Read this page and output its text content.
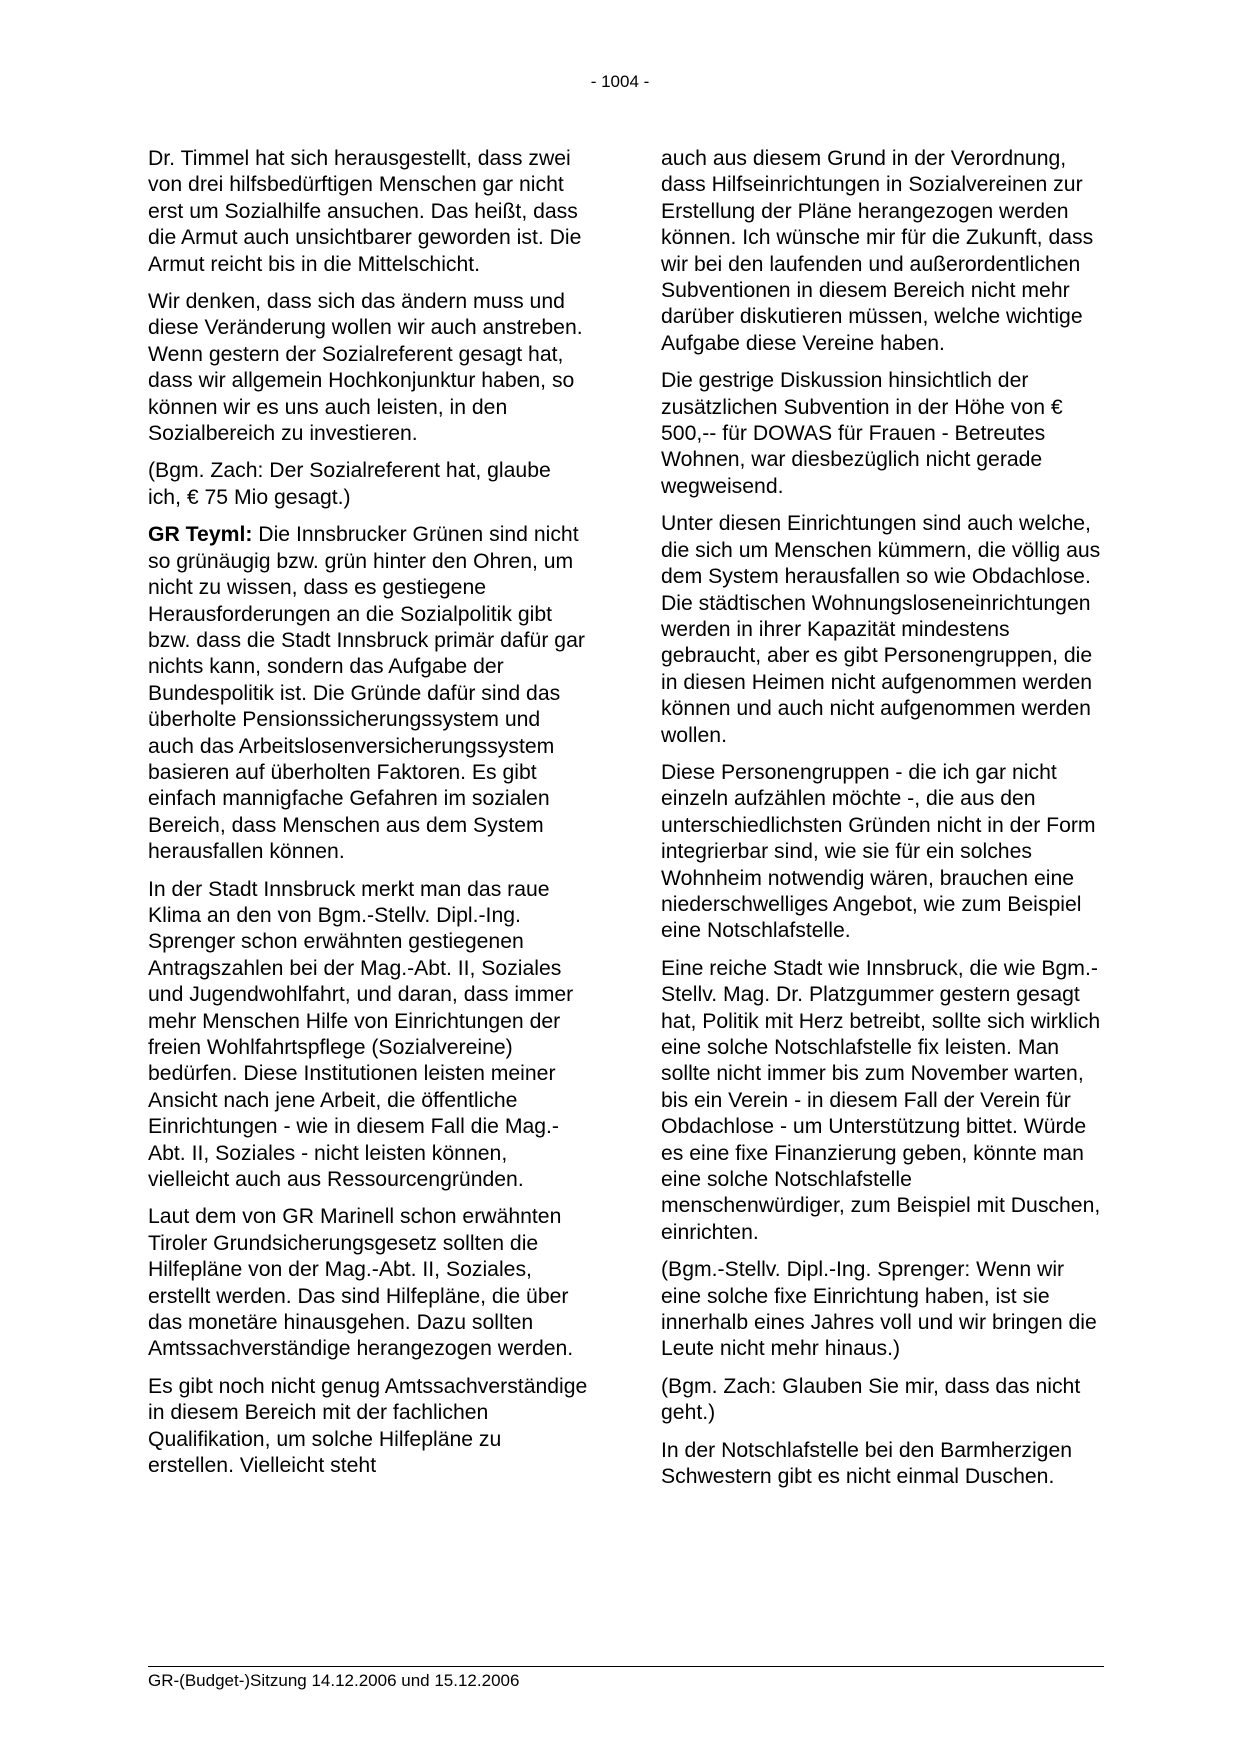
- 1004 -

Dr. Timmel hat sich herausgestellt, dass zwei von drei hilfsbedürftigen Menschen gar nicht erst um Sozialhilfe ansuchen. Das heißt, dass die Armut auch unsichtbarer geworden ist. Die Armut reicht bis in die Mittelschicht.

Wir denken, dass sich das ändern muss und diese Veränderung wollen wir auch anstreben. Wenn gestern der Sozialreferent gesagt hat, dass wir allgemein Hochkonjunktur haben, so können wir es uns auch leisten, in den Sozialbereich zu investieren.

(Bgm. Zach: Der Sozialreferent hat, glaube ich, € 75 Mio gesagt.)

GR Teyml: Die Innsbrucker Grünen sind nicht so grünäugig bzw. grün hinter den Ohren, um nicht zu wissen, dass es gestiegene Herausforderungen an die Sozialpolitik gibt bzw. dass die Stadt Innsbruck primär dafür gar nichts kann, sondern das Aufgabe der Bundespolitik ist. Die Gründe dafür sind das überholte Pensionssicherungssystem und auch das Arbeitslosenversicherungssystem basieren auf überholten Faktoren. Es gibt einfach mannigfache Gefahren im sozialen Bereich, dass Menschen aus dem System herausfallen können.

In der Stadt Innsbruck merkt man das raue Klima an den von Bgm.-Stellv. Dipl.-Ing. Sprenger schon erwähnten gestiegenen Antragszahlen bei der Mag.-Abt. II, Soziales und Jugendwohlfahrt, und daran, dass immer mehr Menschen Hilfe von Einrichtungen der freien Wohlfahrtspflege (Sozialvereine) bedürfen. Diese Institutionen leisten meiner Ansicht nach jene Arbeit, die öffentliche Einrichtungen - wie in diesem Fall die Mag.-Abt. II, Soziales - nicht leisten können, vielleicht auch aus Ressourcengründen.

Laut dem von GR Marinell schon erwähnten Tiroler Grundsicherungsgesetz sollten die Hilfepläne von der Mag.-Abt. II, Soziales, erstellt werden. Das sind Hilfepläne, die über das monetäre hinausgehen. Dazu sollten Amtssachverständige herangezogen werden.

Es gibt noch nicht genug Amtssachverständige in diesem Bereich mit der fachlichen Qualifikation, um solche Hilfepläne zu erstellen. Vielleicht steht

auch aus diesem Grund in der Verordnung, dass Hilfseinrichtungen in Sozialvereinen zur Erstellung der Pläne herangezogen werden können. Ich wünsche mir für die Zukunft, dass wir bei den laufenden und außerordentlichen Subventionen in diesem Bereich nicht mehr darüber diskutieren müssen, welche wichtige Aufgabe diese Vereine haben.

Die gestrige Diskussion hinsichtlich der zusätzlichen Subvention in der Höhe von € 500,-- für DOWAS für Frauen - Betreutes Wohnen, war diesbezüglich nicht gerade wegweisend.

Unter diesen Einrichtungen sind auch welche, die sich um Menschen kümmern, die völlig aus dem System herausfallen so wie Obdachlose. Die städtischen Wohnungsloseneinrichtungen werden in ihrer Kapazität mindestens gebraucht, aber es gibt Personengruppen, die in diesen Heimen nicht aufgenommen werden können und auch nicht aufgenommen werden wollen.

Diese Personengruppen - die ich gar nicht einzeln aufzählen möchte -, die aus den unterschiedlichsten Gründen nicht in der Form integrierbar sind, wie sie für ein solches Wohnheim notwendig wären, brauchen eine niederschwelliges Angebot, wie zum Beispiel eine Notschlafstelle.

Eine reiche Stadt wie Innsbruck, die wie Bgm.-Stellv. Mag. Dr. Platzgummer gestern gesagt hat, Politik mit Herz betreibt, sollte sich wirklich eine solche Notschlafstelle fix leisten. Man sollte nicht immer bis zum November warten, bis ein Verein - in diesem Fall der Verein für Obdachlose - um Unterstützung bittet. Würde es eine fixe Finanzierung geben, könnte man eine solche Notschlafstelle menschenwürdiger, zum Beispiel mit Duschen, einrichten.

(Bgm.-Stellv. Dipl.-Ing. Sprenger: Wenn wir eine solche fixe Einrichtung haben, ist sie innerhalb eines Jahres voll und wir bringen die Leute nicht mehr hinaus.)

(Bgm. Zach: Glauben Sie mir, dass das nicht geht.)

In der Notschlafstelle bei den Barmherzigen Schwestern gibt es nicht einmal Duschen.

GR-(Budget-)Sitzung 14.12.2006 und 15.12.2006
